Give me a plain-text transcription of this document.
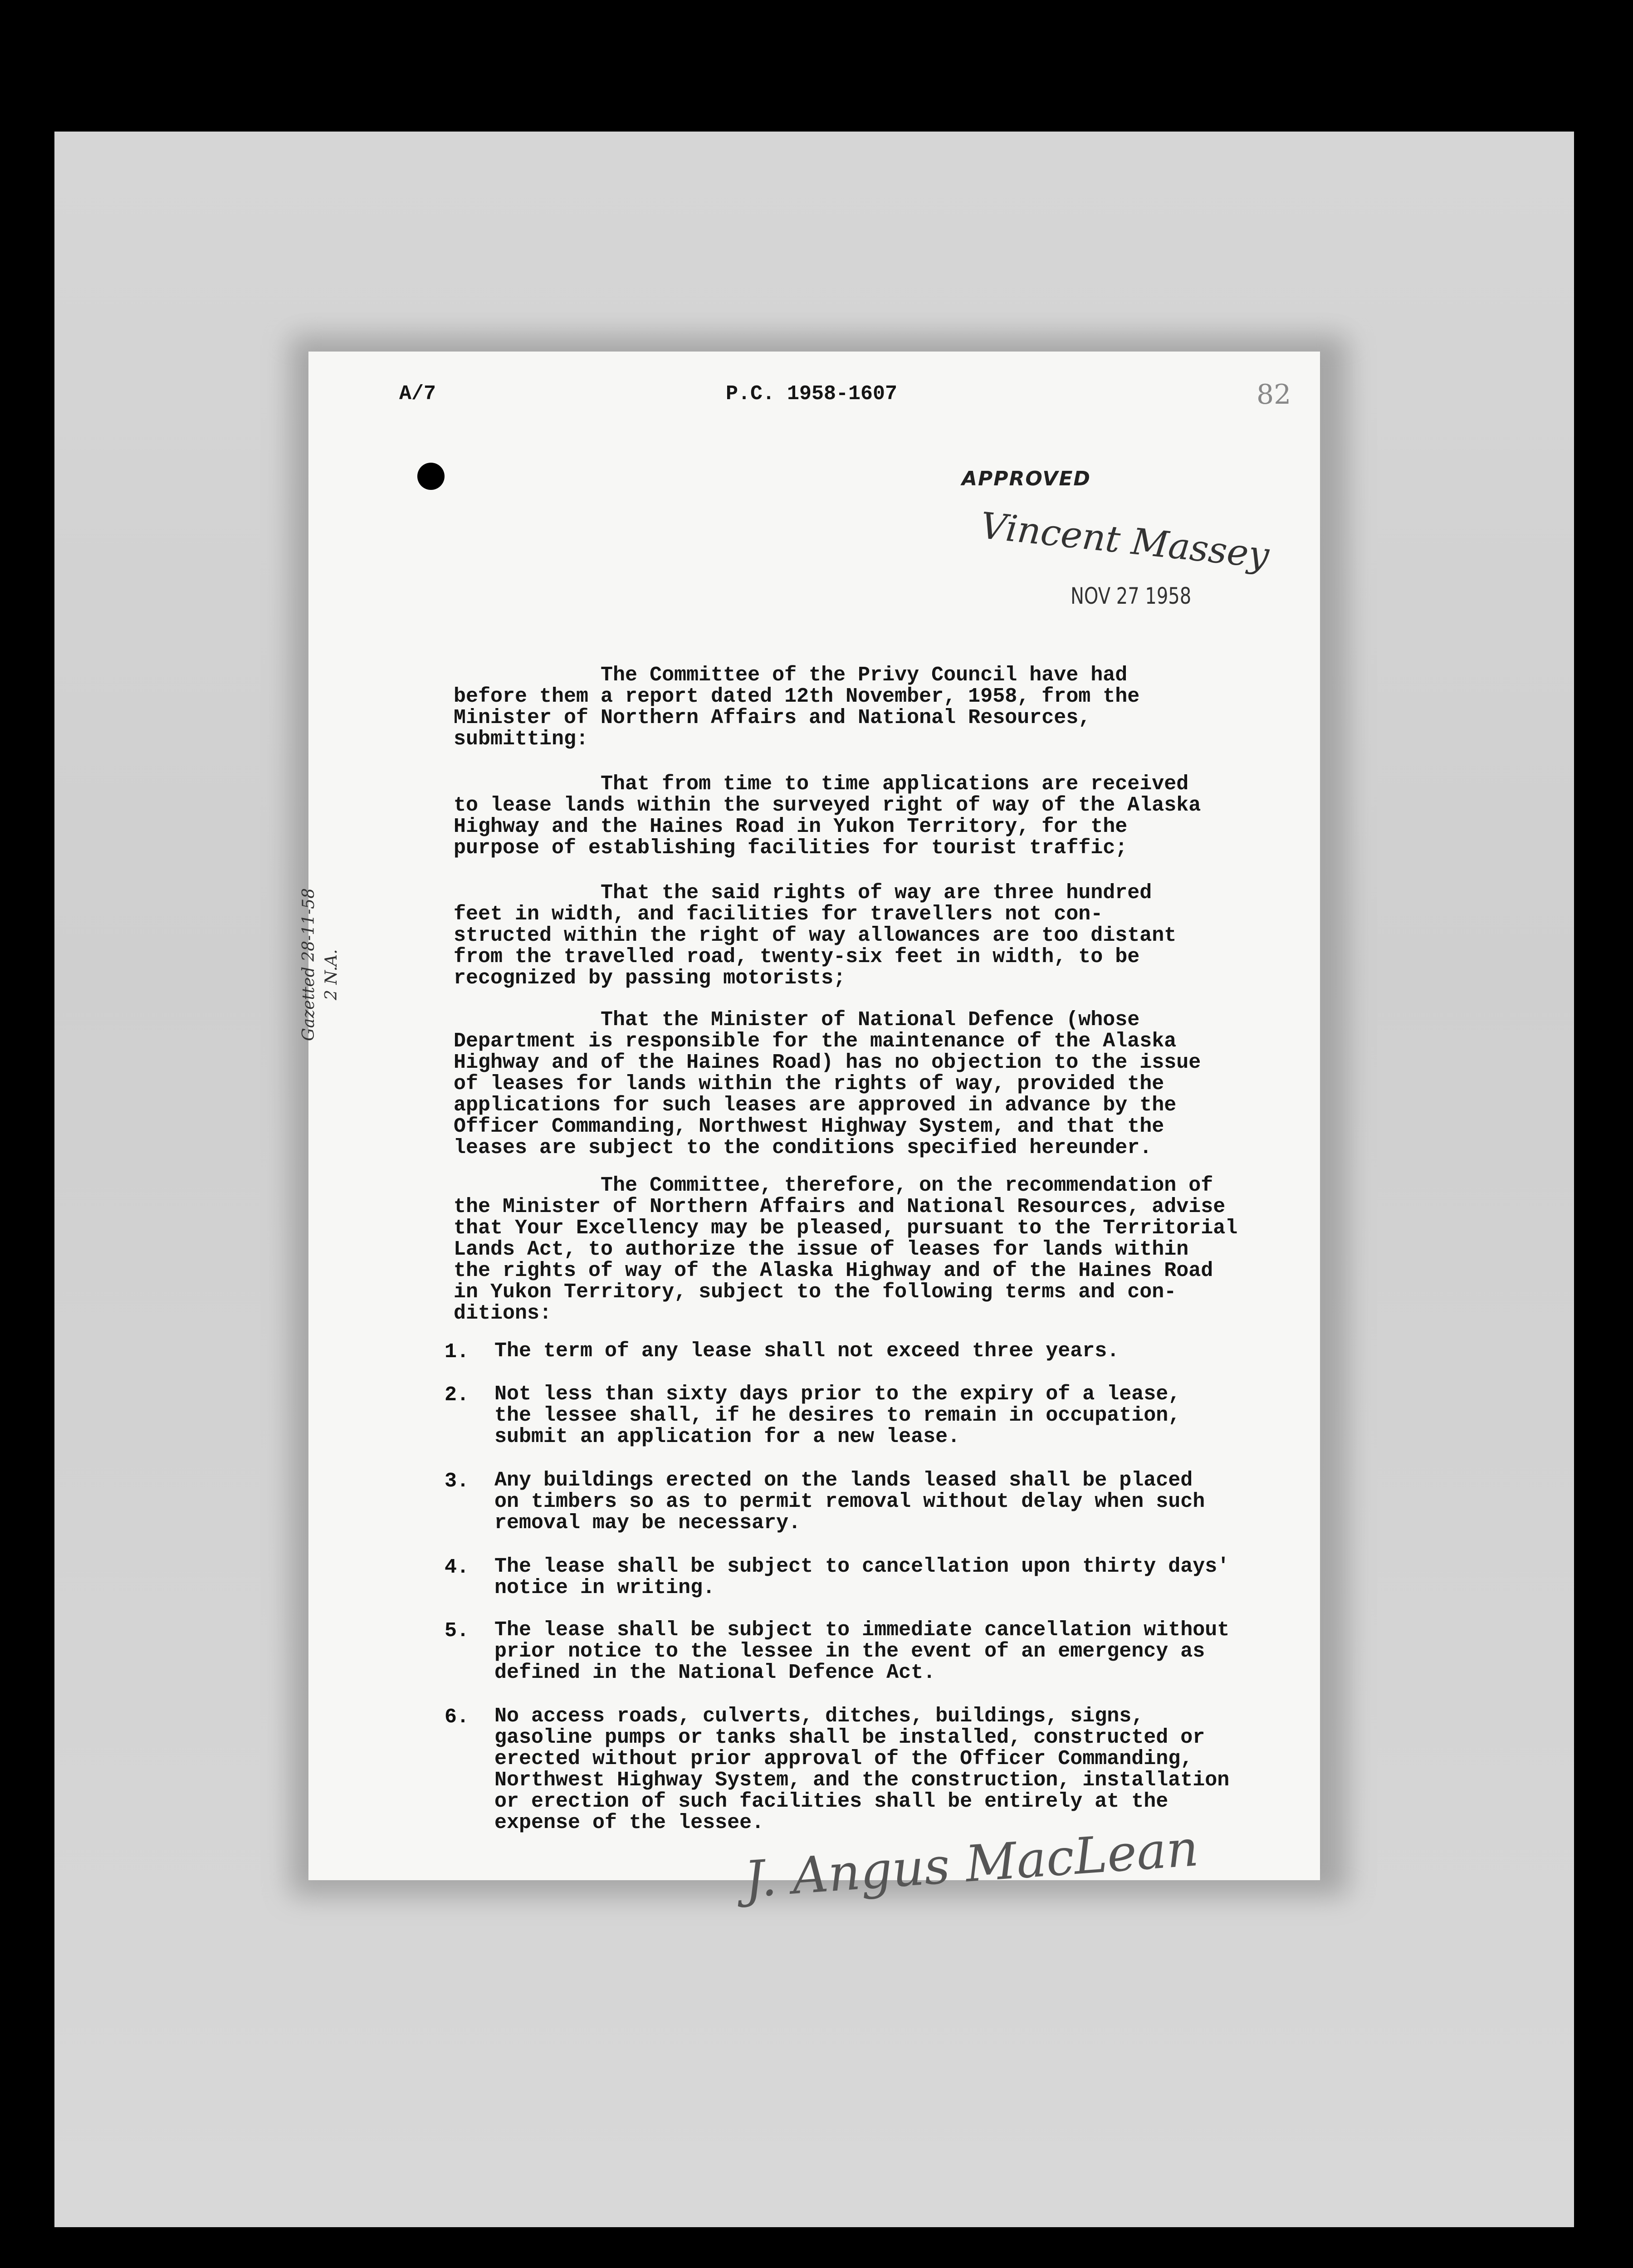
A/7	P.C. 1958-1607	82
APPROVED
Vincent Massey
NOV 27 1958
Gazetted 28-11-58 2 N.A.
The Committee of the Privy Council have had
before them a report dated 12th November, 1958, from the
Minister of Northern Affairs and National Resources,
submitting:
That from time to time applications are received
to lease lands within the surveyed right of way of the Alaska
Highway and the Haines Road in Yukon Territory, for the
purpose of establishing facilities for tourist traffic;
That the said rights of way are three hundred
feet in width, and facilities for travellers not con-
structed within the right of way allowances are too distant
from the travelled road, twenty-six feet in width, to be
recognized by passing motorists;
That the Minister of National Defence (whose
Department is responsible for the maintenance of the Alaska
Highway and of the Haines Road) has no objection to the issue
of leases for lands within the rights of way, provided the
applications for such leases are approved in advance by the
Officer Commanding, Northwest Highway System, and that the
leases are subject to the conditions specified hereunder.
The Committee, therefore, on the recommendation of
the Minister of Northern Affairs and National Resources, advise
that Your Excellency may be pleased, pursuant to the Territorial
Lands Act, to authorize the issue of leases for lands within
the rights of way of the Alaska Highway and of the Haines Road
in Yukon Territory, subject to the following terms and con-
ditions:
1. The term of any lease shall not exceed three years.
2. Not less than sixty days prior to the expiry of a lease,
the lessee shall, if he desires to remain in occupation,
submit an application for a new lease.
3. Any buildings erected on the lands leased shall be placed
on timbers so as to permit removal without delay when such
removal may be necessary.
4. The lease shall be subject to cancellation upon thirty days'
notice in writing.
5. The lease shall be subject to immediate cancellation without
prior notice to the lessee in the event of an emergency as
defined in the National Defence Act.
6. No access roads, culverts, ditches, buildings, signs,
gasoline pumps or tanks shall be installed, constructed or
erected without prior approval of the Officer Commanding,
Northwest Highway System, and the construction, installation
or erection of such facilities shall be entirely at the
expense of the lessee.
J. Angus MacLean
